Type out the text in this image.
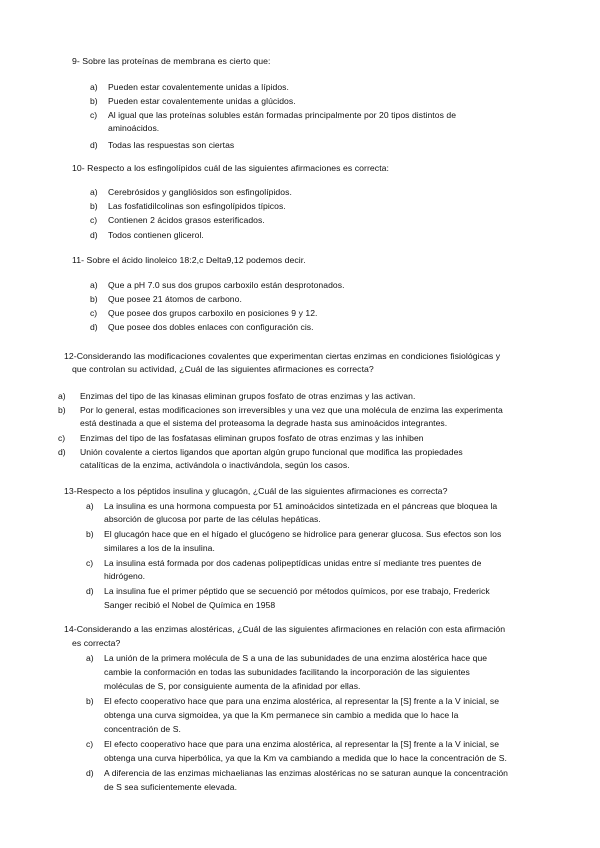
9- Sobre las proteínas de membrana es cierto que:
a) Pueden estar covalentemente unidas a lípidos.
b) Pueden estar covalentemente unidas a glúcidos.
c) Al igual que las proteínas solubles están formadas principalmente por 20 tipos distintos de
aminoácidos.
d) Todas las respuestas son ciertas
10- Respecto a los esfingolípidos cuál de las siguientes afirmaciones es correcta:
a) Cerebrósidos y gangliósidos son esfingolípidos.
b) Las fosfatidilcolinas son esfingolípidos típicos.
c) Contienen 2 ácidos grasos esterificados.
d) Todos contienen glicerol.
11- Sobre el ácido linoleico 18:2,c Delta9,12 podemos decir.
a) Que a pH 7.0 sus dos grupos carboxilo están desprotonados.
b) Que posee 21 átomos de carbono.
c) Que posee dos grupos carboxilo en posiciones 9 y 12.
d) Que posee dos dobles enlaces con configuración cis.
12-Considerando las modificaciones covalentes que experimentan ciertas enzimas en condiciones fisiológicas y
que controlan su actividad, ¿Cuál de las siguientes afirmaciones es correcta?
a) Enzimas del tipo de las kinasas eliminan grupos fosfato de otras enzimas y las activan.
b) Por lo general, estas modificaciones son irreversibles y una vez que una molécula de enzima las experimenta
está destinada a que el sistema del proteasoma la degrade hasta sus aminoácidos integrantes.
c) Enzimas del tipo de las fosfatasas eliminan grupos fosfato de otras enzimas y las inhiben
d) Unión covalente a ciertos ligandos que aportan algún grupo funcional que modifica las propiedades
catalíticas de la enzima, activándola o inactivándola, según los casos.
13-Respecto a los péptidos insulina y glucagón, ¿Cuál de las siguientes afirmaciones es correcta?
a) La insulina es una hormona compuesta por 51 aminoácidos sintetizada en el páncreas que bloquea la
absorción de glucosa por parte de las células hepáticas.
b) El glucagón hace que en el hígado el glucógeno se hidrolice para generar glucosa. Sus efectos son los
similares a los de la insulina.
c) La insulina está formada por dos cadenas polipeptídicas unidas entre sí mediante tres puentes de
hidrógeno.
d) La insulina fue el primer péptido que se secuenció por métodos químicos, por ese trabajo, Frederick
Sanger recibió el Nobel de Química en 1958
14-Considerando a las enzimas alostéricas, ¿Cuál de las siguientes afirmaciones en relación con esta afirmación
es correcta?
a) La unión de la primera molécula de S a una de las subunidades de una enzima alostérica hace que
cambie la conformación en todas las subunidades facilitando la incorporación de las siguientes
moléculas de S, por consiguiente aumenta de la afinidad por ellas.
b) El efecto cooperativo hace que para una enzima alostérica, al representar la [S] frente a la V inicial, se
obtenga una curva sigmoidea, ya que la Km permanece sin cambio a medida que lo hace la
concentración de S.
c) El efecto cooperativo hace que para una enzima alostérica, al representar la [S] frente a la V inicial, se
obtenga una curva hiperbólica, ya que la Km va cambiando a medida que lo hace la concentración de S.
d) A diferencia de las enzimas michaelianas las enzimas alostéricas no se saturan aunque la concentración
de S sea suficientemente elevada.
